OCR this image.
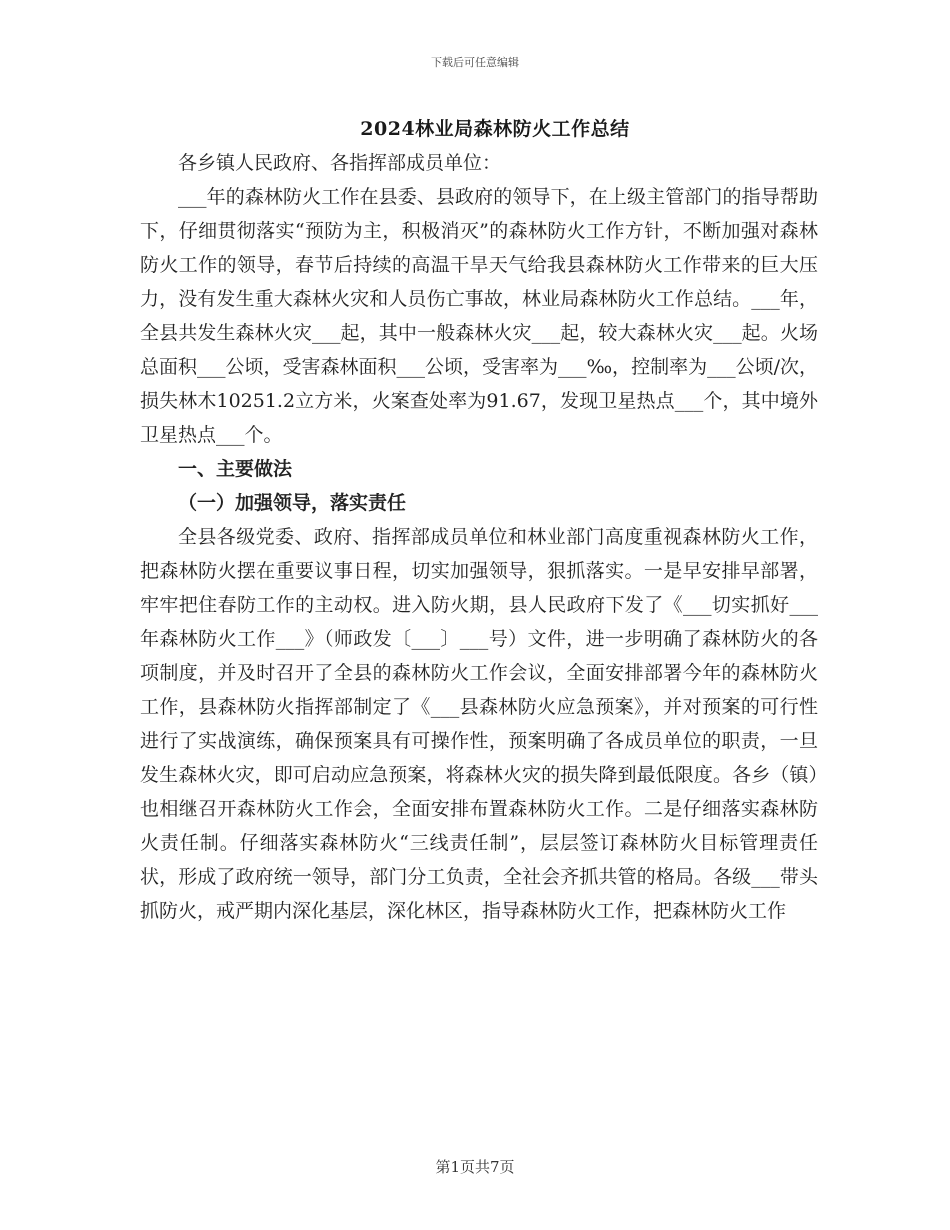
下载后可任意编辑
2024林业局森林防火工作总结

各乡镇人民政府、各指挥部成员单位：

___年的森林防火工作在县委、县政府的领导下，在上级主管部门的指导帮助下，仔细贯彻落实“预防为主，积极消灭”的森林防火工作方针，不断加强对森林防火工作的领导，春节后持续的高温干旱天气给我县森林防火工作带来的巨大压力，没有发生重大森林火灾和人员伤亡事故，林业局森林防火工作总结。___年，全县共发生森林火灾___起，其中一般森林火灾___起，较大森林火灾___起。火场总面积___公顷，受害森林面积___公顷，受害率为___‰，控制率为___公顷/次，损失林木10251.2立方米，火案查处率为91.67，发现卫星热点___个，其中境外卫星热点___个。

一、主要做法

（一）加强领导，落实责任

全县各级党委、政府、指挥部成员单位和林业部门高度重视森林防火工作，把森林防火摆在重要议事日程，切实加强领导，狠抓落实。一是早安排早部署，牢牢把住春防工作的主动权。进入防火期，县人民政府下发了《___切实抓好___年森林防火工作___》（师政发〔___〕___号）文件，进一步明确了森林防火的各项制度，并及时召开了全县的森林防火工作会议，全面安排部署今年的森林防火工作，县森林防火指挥部制定了《___县森林防火应急预案》，并对预案的可行性进行了实战演练，确保预案具有可操作性，预案明确了各成员单位的职责，一旦发生森林火灾，即可启动应急预案，将森林火灾的损失降到最低限度。各乡（镇）也相继召开森林防火工作会，全面安排布置森林防火工作。二是仔细落实森林防火责任制。仔细落实森林防火“三线责任制”，层层签订森林防火目标管理责任状，形成了政府统一领导，部门分工负责，全社会齐抓共管的格局。各级___带头抓防火，戒严期内深化基层，深化林区，指导森林防火工作，把森林防火工作

第1页共7页
